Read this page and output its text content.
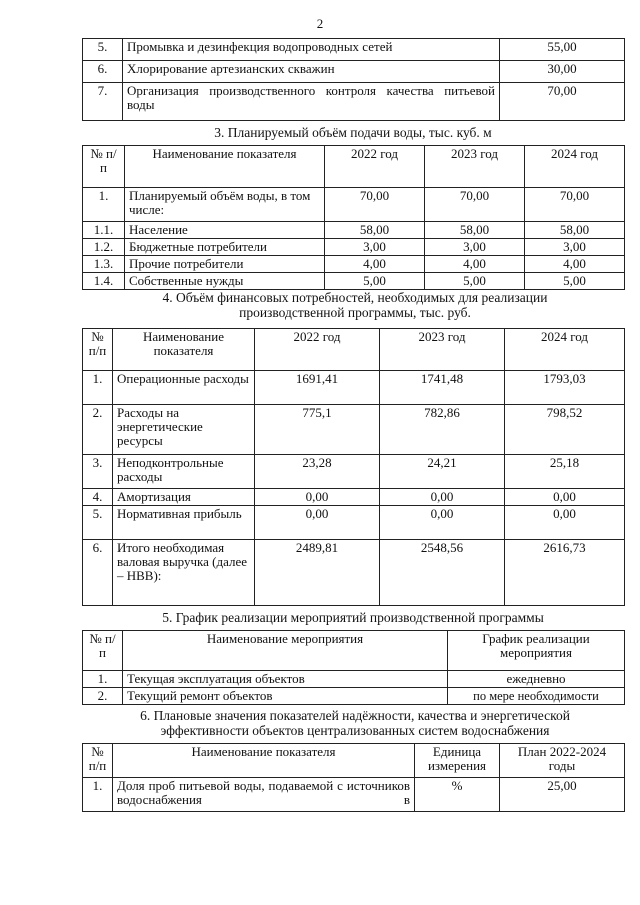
2
5.	Промывка и дезинфекция водопроводных сетей	55,00
6.	Хлорирование артезианских скважин	30,00
7.	Организация производственного контроля качества питьевой воды	70,00
3. Планируемый объём подачи воды, тыс. куб. м
№ п/п	Наименование показателя	2022 год	2023 год	2024 год
1.	Планируемый объём воды, в том числе:	70,00	70,00	70,00
1.1.	Население	58,00	58,00	58,00
1.2.	Бюджетные потребители	3,00	3,00	3,00
1.3.	Прочие потребители	4,00	4,00	4,00
1.4.	Собственные нужды	5,00	5,00	5,00
4. Объём финансовых потребностей, необходимых для реализации производственной программы, тыс. руб.
№ п/п	Наименование показателя	2022 год	2023 год	2024 год
1.	Операционные расходы	1691,41	1741,48	1793,03
2.	Расходы на энергетические ресурсы	775,1	782,86	798,52
3.	Неподконтрольные расходы	23,28	24,21	25,18
4.	Амортизация	0,00	0,00	0,00
5.	Нормативная прибыль	0,00	0,00	0,00
6.	Итого необходимая валовая выручка (далее – НВВ):	2489,81	2548,56	2616,73
5. График реализации мероприятий производственной программы
№ п/п	Наименование мероприятия	График реализации мероприятия
1.	Текущая эксплуатация объектов	ежедневно
2.	Текущий ремонт объектов	по мере необходимости
6. Плановые значения показателей надёжности, качества и энергетической эффективности объектов централизованных систем водоснабжения
№ п/п	Наименование показателя	Единица измерения	План 2022-2024 годы
1.	Доля проб питьевой воды, подаваемой с источников водоснабжения в	%	25,00
